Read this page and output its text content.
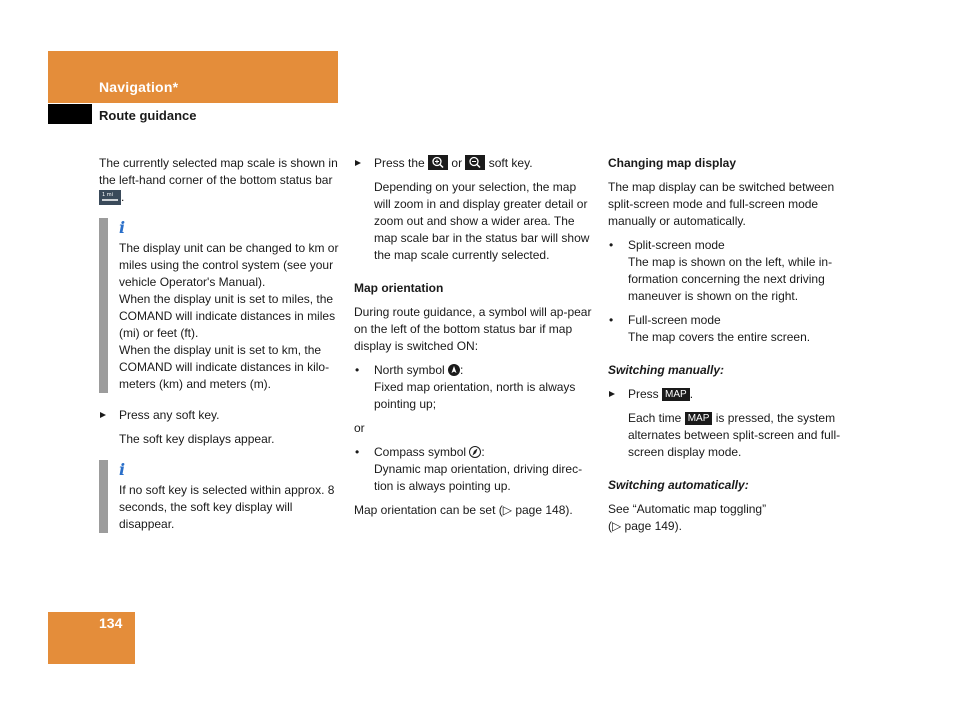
Navigation*
Route guidance

The currently selected map scale is shown in the left-hand corner of the bottom status bar
1 mi .

i
The display unit can be changed to km or miles using the control system (see your vehicle Operator's Manual).
When the display unit is set to miles, the COMAND will indicate distances in miles (mi) or feet (ft).
When the display unit is set to km, the COMAND will indicate distances in kilo-meters (km) and meters (m).
Press any soft key.
The soft key displays appear.
i
If no soft key is selected within approx. 8 seconds, the soft key display will disappear.
Press the or soft key.
Depending on your selection, the map will zoom in and display greater detail or zoom out and show a wider area. The map scale bar in the status bar will show the map scale currently selected.
Map orientation

During route guidance, a symbol will ap-pear on the left of the bottom status bar if map display is switched ON:

• North symbol :
Fixed map orientation, north is always pointing up;

or

• Compass symbol :
Dynamic map orientation, driving direc-tion is always pointing up.

Map orientation can be set (▷ page 148).

Changing map display

The map display can be switched between split-screen mode and full-screen mode manually or automatically.

• Split-screen mode
The map is shown on the left, while in-formation concerning the next driving maneuver is shown on the right.
• Full-screen mode
The map covers the entire screen.
Switching manually:
Press MAP .
Each time MAP is pressed, the system alternates between split-screen and full-screen display mode.
Switching automatically:

See “Automatic map toggling”
(▷ page 149).

134
